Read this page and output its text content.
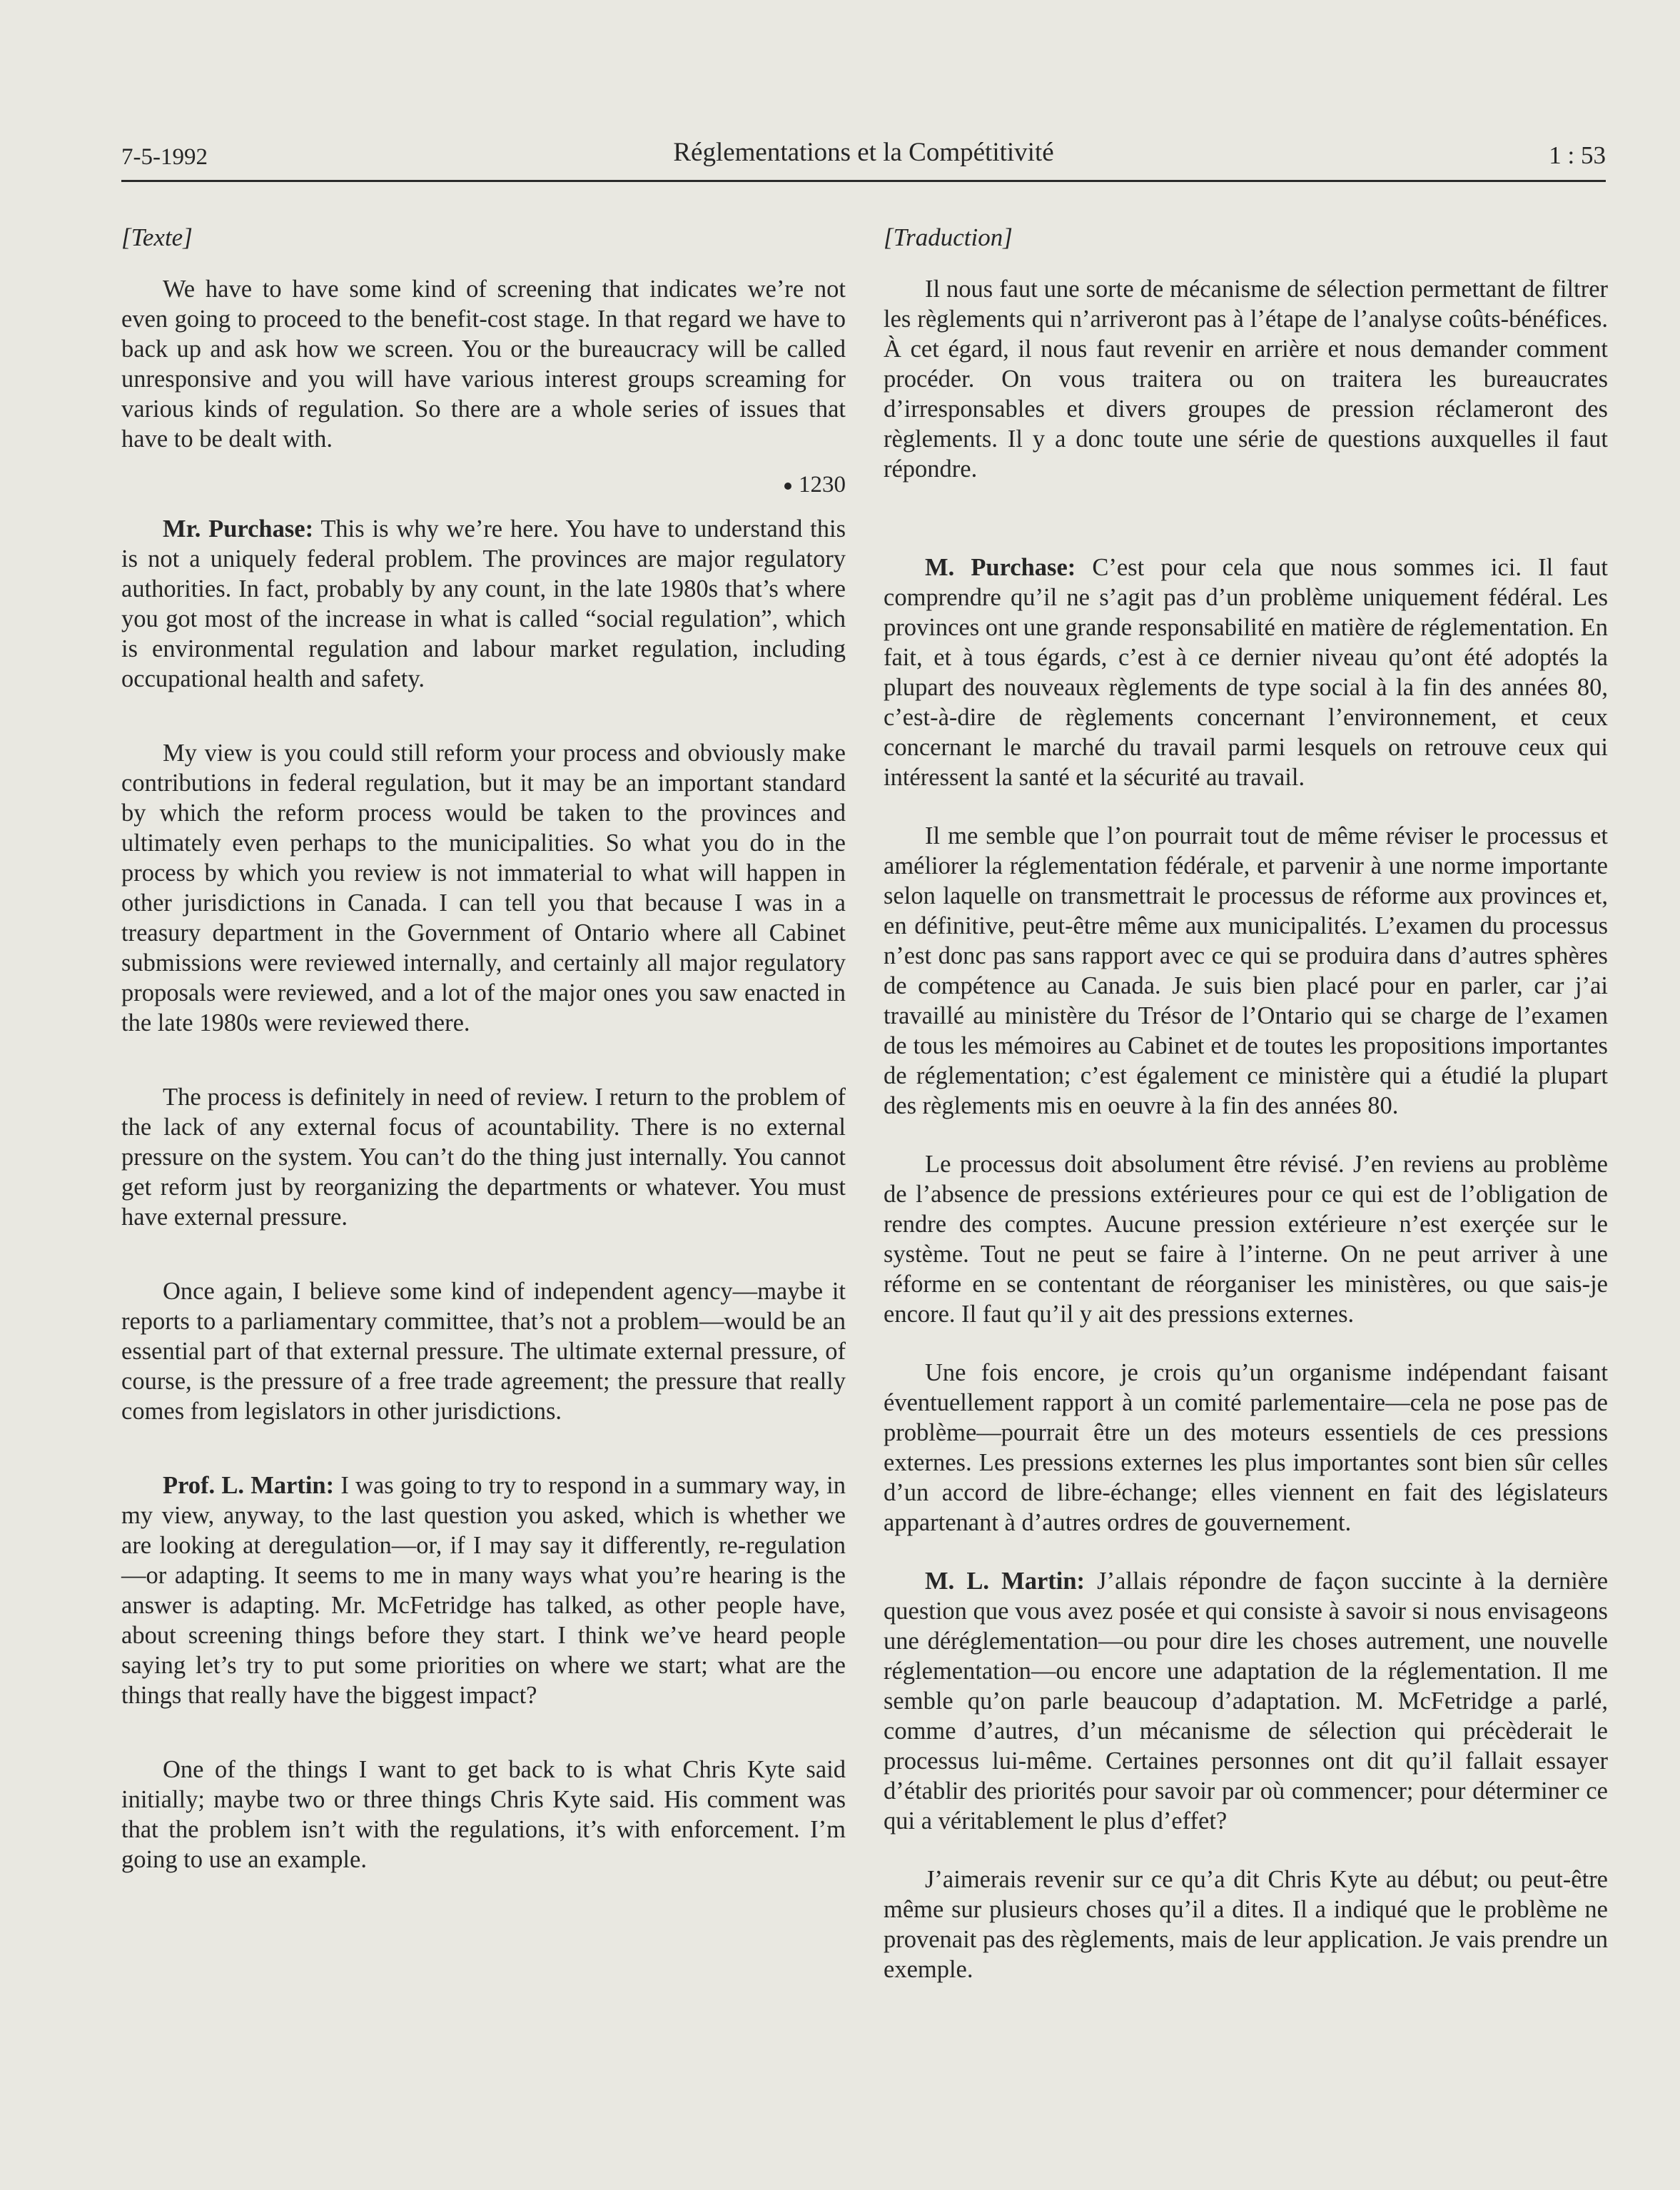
7-5-1992	Réglementations et la Compétitivité	1 : 53

[Texte]

We have to have some kind of screening that indicates we’re not even going to proceed to the benefit-cost stage. In that regard we have to back up and ask how we screen. You or the bureaucracy will be called unresponsive and you will have various interest groups screaming for various kinds of regulation. So there are a whole series of issues that have to be dealt with.

1230

Mr. Purchase: This is why we’re here. You have to understand this is not a uniquely federal problem. The provinces are major regulatory authorities. In fact, probably by any count, in the late 1980s that’s where you got most of the increase in what is called “social regulation”, which is environmental regulation and labour market regulation, including occupational health and safety.

My view is you could still reform your process and obviously make contributions in federal regulation, but it may be an important standard by which the reform process would be taken to the provinces and ultimately even perhaps to the municipalities. So what you do in the process by which you review is not immaterial to what will happen in other jurisdictions in Canada. I can tell you that because I was in a treasury department in the Government of Ontario where all Cabinet submissions were reviewed internally, and certainly all major regulatory proposals were reviewed, and a lot of the major ones you saw enacted in the late 1980s were reviewed there.

The process is definitely in need of review. I return to the problem of the lack of any external focus of acountability. There is no external pressure on the system. You can’t do the thing just internally. You cannot get reform just by reorganizing the departments or whatever. You must have external pressure.

Once again, I believe some kind of independent agency—maybe it reports to a parliamentary committee, that’s not a problem—would be an essential part of that external pressure. The ultimate external pressure, of course, is the pressure of a free trade agreement; the pressure that really comes from legislators in other jurisdictions.

Prof. L. Martin: I was going to try to respond in a summary way, in my view, anyway, to the last question you asked, which is whether we are looking at deregulation—or, if I may say it differently, re-regulation—or adapting. It seems to me in many ways what you’re hearing is the answer is adapting. Mr. McFetridge has talked, as other people have, about screening things before they start. I think we’ve heard people saying let’s try to put some priorities on where we start; what are the things that really have the biggest impact?

One of the things I want to get back to is what Chris Kyte said initially; maybe two or three things Chris Kyte said. His comment was that the problem isn’t with the regulations, it’s with enforcement. I’m going to use an example.

[Traduction]

Il nous faut une sorte de mécanisme de sélection permettant de filtrer les règlements qui n’arriveront pas à l’étape de l’analyse coûts-bénéfices. À cet égard, il nous faut revenir en arrière et nous demander comment procéder. On vous traitera ou on traitera les bureaucrates d’irresponsables et divers groupes de pression réclameront des règlements. Il y a donc toute une série de questions auxquelles il faut répondre.

M. Purchase: C’est pour cela que nous sommes ici. Il faut comprendre qu’il ne s’agit pas d’un problème uniquement fédéral. Les provinces ont une grande responsabilité en matière de réglementation. En fait, et à tous égards, c’est à ce dernier niveau qu’ont été adoptés la plupart des nouveaux règlements de type social à la fin des années 80, c’est-à-dire de règlements concernant l’environnement, et ceux concernant le marché du travail parmi lesquels on retrouve ceux qui intéressent la santé et la sécurité au travail.

Il me semble que l’on pourrait tout de même réviser le processus et améliorer la réglementation fédérale, et parvenir à une norme importante selon laquelle on transmettrait le processus de réforme aux provinces et, en définitive, peut-être même aux municipalités. L’examen du processus n’est donc pas sans rapport avec ce qui se produira dans d’autres sphères de compétence au Canada. Je suis bien placé pour en parler, car j’ai travaillé au ministère du Trésor de l’Ontario qui se charge de l’examen de tous les mémoires au Cabinet et de toutes les propositions importantes de réglementation; c’est également ce ministère qui a étudié la plupart des règlements mis en oeuvre à la fin des années 80.

Le processus doit absolument être révisé. J’en reviens au problème de l’absence de pressions extérieures pour ce qui est de l’obligation de rendre des comptes. Aucune pression extérieure n’est exerçée sur le système. Tout ne peut se faire à l’interne. On ne peut arriver à une réforme en se contentant de réorganiser les ministères, ou que sais-je encore. Il faut qu’il y ait des pressions externes.

Une fois encore, je crois qu’un organisme indépendant faisant éventuellement rapport à un comité parlementaire—cela ne pose pas de problème—pourrait être un des moteurs essentiels de ces pressions externes. Les pressions externes les plus importantes sont bien sûr celles d’un accord de libre-échange; elles viennent en fait des législateurs appartenant à d’autres ordres de gouvernement.

M. L. Martin: J’allais répondre de façon succinte à la dernière question que vous avez posée et qui consiste à savoir si nous envisageons une déréglementation—ou pour dire les choses autrement, une nouvelle réglementation—ou encore une adaptation de la réglementation. Il me semble qu’on parle beaucoup d’adaptation. M. McFetridge a parlé, comme d’autres, d’un mécanisme de sélection qui précèderait le processus lui-même. Certaines personnes ont dit qu’il fallait essayer d’établir des priorités pour savoir par où commencer; pour déterminer ce qui a véritablement le plus d’effet?

J’aimerais revenir sur ce qu’a dit Chris Kyte au début; ou peut-être même sur plusieurs choses qu’il a dites. Il a indiqué que le problème ne provenait pas des règlements, mais de leur application. Je vais prendre un exemple.
